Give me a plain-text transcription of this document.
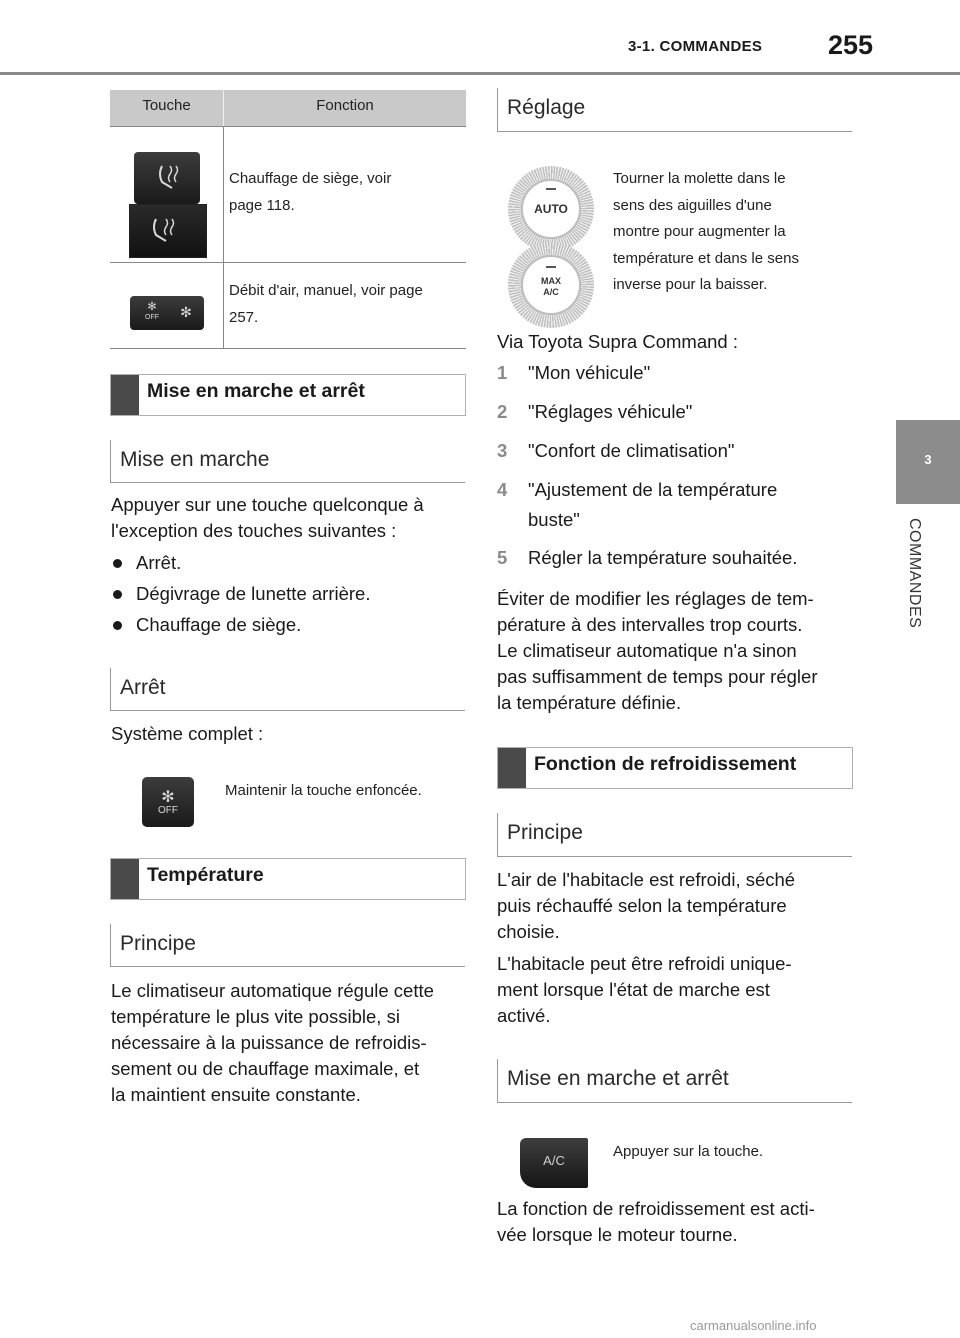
3-1. COMMANDES 255
3
COMMANDES
Touche	Fonction
Chauffage de siège, voir
page 118.
✻
OFF	✻
Débit d'air, manuel, voir page
257.
Mise en marche et arrêt
Mise en marche
Appuyer sur une touche quelconque à
l'exception des touches suivantes :
Arrêt.
Dégivrage de lunette arrière.
Chauffage de siège.
Arrêt
Système complet :
✻
OFF
Maintenir la touche enfoncée.
Température
Principe
Le climatiseur automatique régule cette
température le plus vite possible, si
nécessaire à la puissance de refroidis-
sement ou de chauffage maximale, et
la maintient ensuite constante.
Réglage
AUTO
MAX
A/C
Tourner la molette dans le
sens des aiguilles d'une
montre pour augmenter la
température et dans le sens
inverse pour la baisser.
Via Toyota Supra Command :
1 "Mon véhicule"
2 "Réglages véhicule"
3 "Confort de climatisation"
4 "Ajustement de la température
buste"
5 Régler la température souhaitée.
Éviter de modifier les réglages de tem-
pérature à des intervalles trop courts.
Le climatiseur automatique n'a sinon
pas suffisamment de temps pour régler
la température définie.
Fonction de refroidissement
Principe
L'air de l'habitacle est refroidi, séché
puis réchauffé selon la température
choisie.
L'habitacle peut être refroidi unique-
ment lorsque l'état de marche est
activé.
Mise en marche et arrêt
A/C
Appuyer sur la touche.
La fonction de refroidissement est acti-
vée lorsque le moteur tourne.
carmanualsonline.info
